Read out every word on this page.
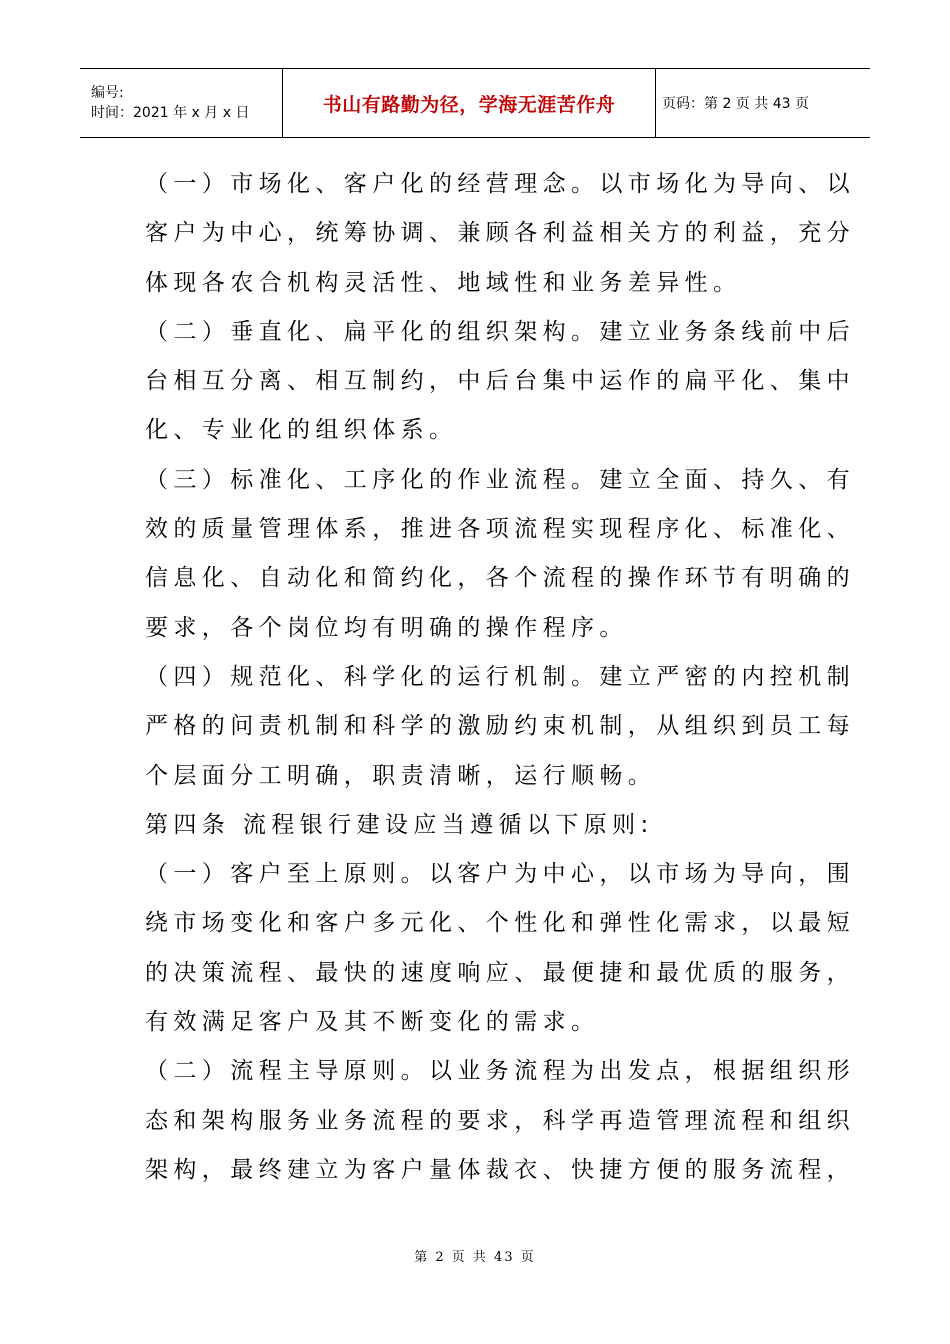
编号:
时间：2021 年 x 月 x 日	书山有路勤为径，学海无涯苦作舟	页码：第 2 页 共 43 页

（一）市场化、客户化的经营理念。以市场化为导向、以

客户为中心，统筹协调、兼顾各利益相关方的利益，充分

体现各农合机构灵活性、地域性和业务差异性。

（二）垂直化、扁平化的组织架构。建立业务条线前中后

台相互分离、相互制约，中后台集中运作的扁平化、集中

化、专业化的组织体系。

（三）标准化、工序化的作业流程。建立全面、持久、有

效的质量管理体系，推进各项流程实现程序化、标准化、

信息化、自动化和简约化，各个流程的操作环节有明确的

要求，各个岗位均有明确的操作程序。

（四）规范化、科学化的运行机制。建立严密的内控机制

严格的问责机制和科学的激励约束机制，从组织到员工每

个层面分工明确，职责清晰，运行顺畅。

第四条 流程银行建设应当遵循以下原则:

（一）客户至上原则。以客户为中心，以市场为导向，围

绕市场变化和客户多元化、个性化和弹性化需求，以最短

的决策流程、最快的速度响应、最便捷和最优质的服务，

有效满足客户及其不断变化的需求。

（二）流程主导原则。以业务流程为出发点，根据组织形

态和架构服务业务流程的要求，科学再造管理流程和组织

架构，最终建立为客户量体裁衣、快捷方便的服务流程，

第 2 页 共 43 页
